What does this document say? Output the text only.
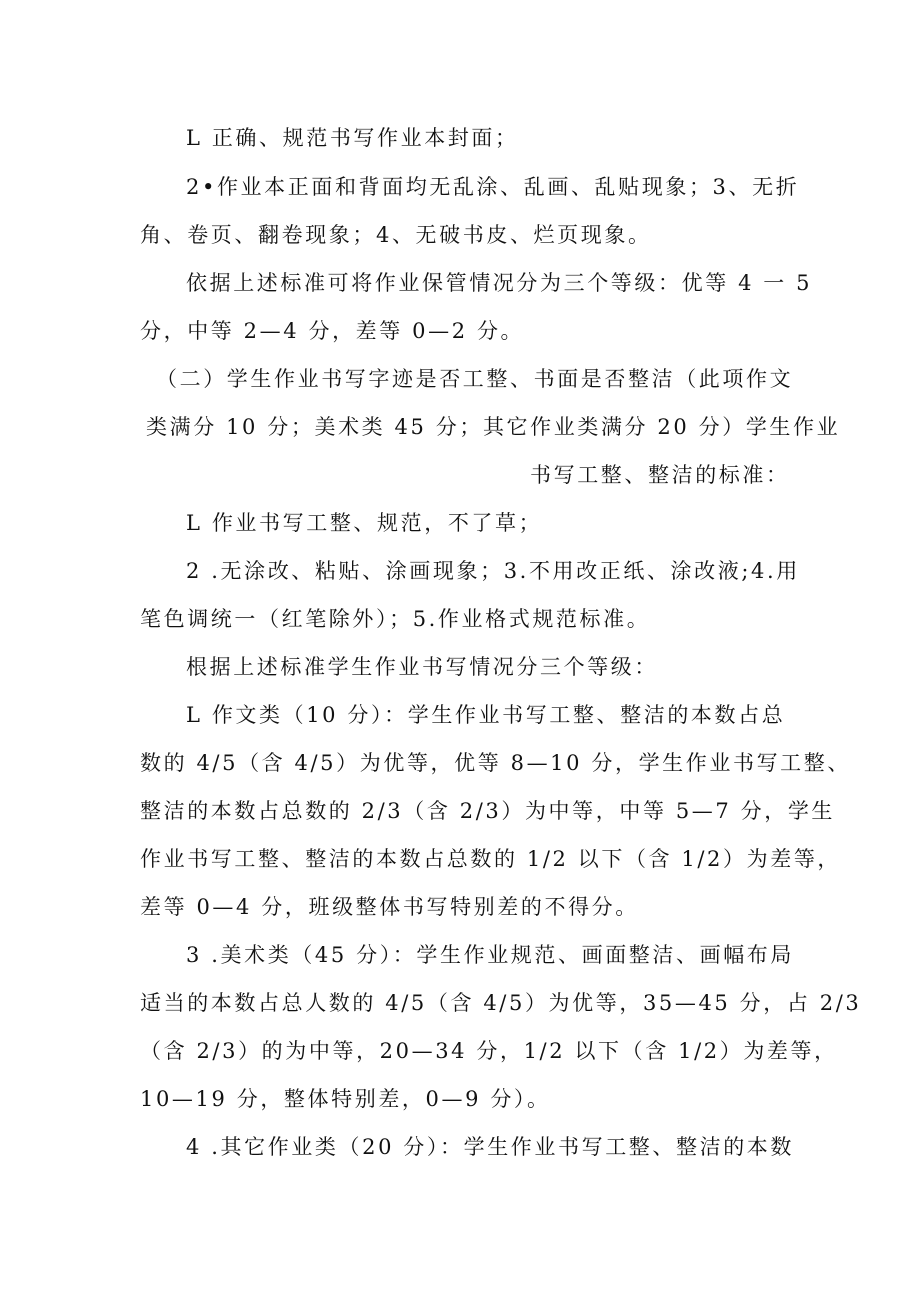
L 正确、规范书写作业本封面；
2•作业本正面和背面均无乱涂、乱画、乱贴现象；3、无折
角、卷页、翻卷现象；4、无破书皮、烂页现象。
依据上述标准可将作业保管情况分为三个等级：优等 4 一 5
分，中等 2—4 分，差等 0—2 分。
（二）学生作业书写字迹是否工整、书面是否整洁（此项作文
类满分 10 分；美术类 45 分；其它作业类满分 20 分）学生作业
书写工整、整洁的标准：
L 作业书写工整、规范，不了草；
2 .无涂改、粘贴、涂画现象；3.不用改正纸、涂改液;4.用
笔色调统一（红笔除外）；5.作业格式规范标准。
根据上述标准学生作业书写情况分三个等级：
L 作文类（10 分）：学生作业书写工整、整洁的本数占总
数的 4/5（含 4/5）为优等，优等 8—10 分，学生作业书写工整、
整洁的本数占总数的 2/3（含 2/3）为中等，中等 5—7 分，学生
作业书写工整、整洁的本数占总数的 1/2 以下（含 1/2）为差等，
差等 0—4 分，班级整体书写特别差的不得分。
3 .美术类（45 分）：学生作业规范、画面整洁、画幅布局
适当的本数占总人数的 4/5（含 4/5）为优等，35—45 分，占 2/3
（含 2/3）的为中等，20—34 分，1/2 以下（含 1/2）为差等，
10—19 分，整体特别差，0—9 分）。
4 .其它作业类（20 分）：学生作业书写工整、整洁的本数
